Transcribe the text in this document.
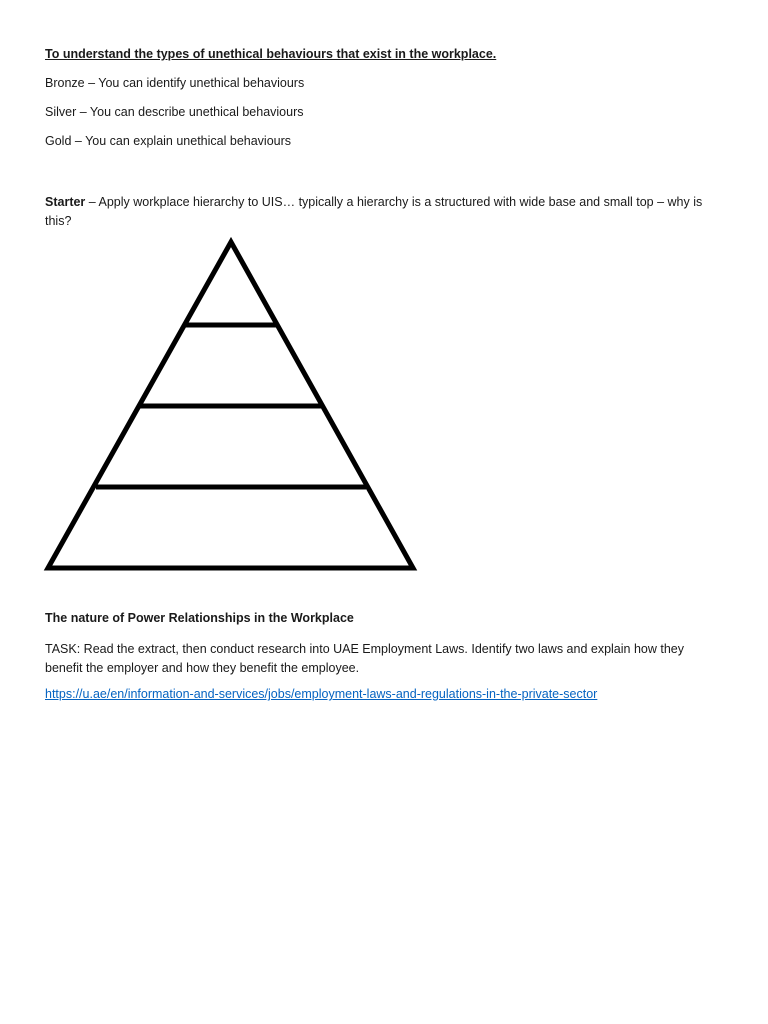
To understand the types of unethical behaviours that exist in the workplace.
Bronze – You can identify unethical behaviours
Silver – You can describe unethical behaviours
Gold – You can explain unethical behaviours
Starter – Apply workplace hierarchy to UIS… typically a hierarchy is a structured with wide base and small top – why is this?
The nature of Power Relationships in the Workplace
TASK: Read the extract, then conduct research into UAE Employment Laws. Identify two laws and explain how they benefit the employer and how they benefit the employee.
https://u.ae/en/information-and-services/jobs/employment-laws-and-regulations-in-the-private-sector
